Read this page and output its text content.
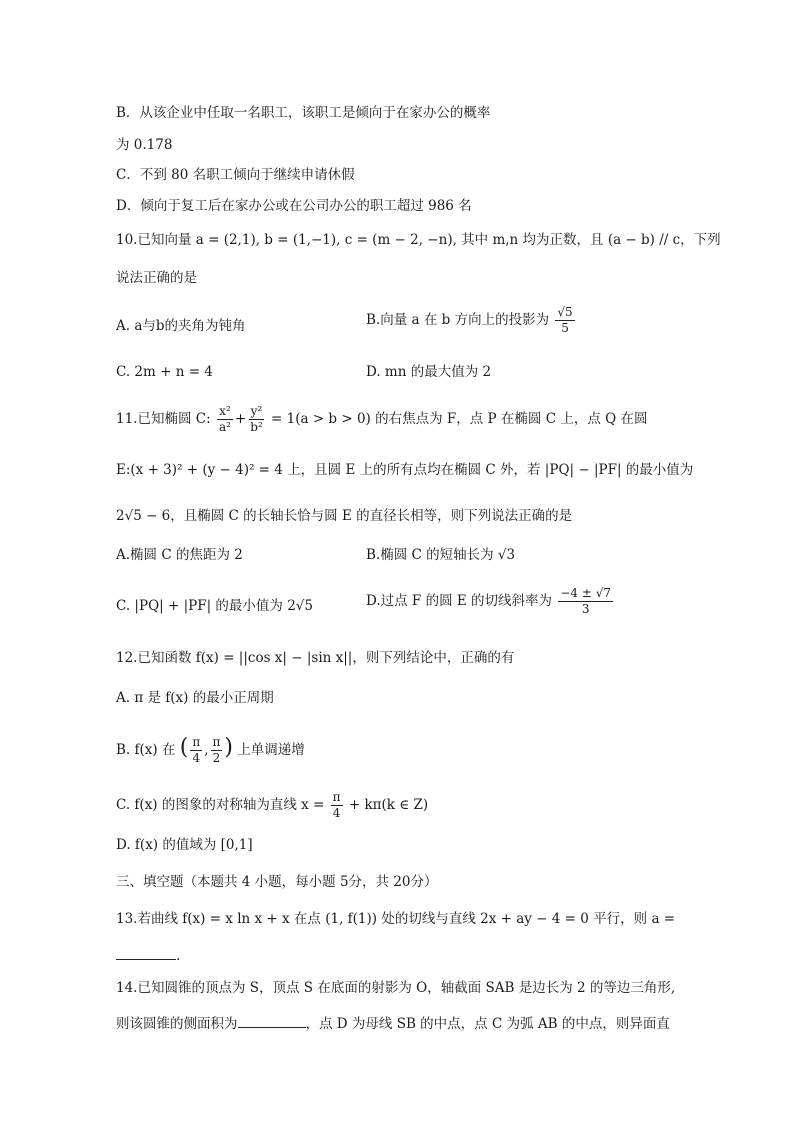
B．从该企业中任取一名职工，该职工是倾向于在家办公的概率
为 0.178
C．不到 80 名职工倾向于继续申请休假
D．倾向于复工后在家办公或在公司办公的职工超过 986 名
10.已知向量 a = (2,1), b = (1,−1), c = (m − 2, −n), 其中 m,n 均为正数，且 (a − b) // c，下列
说法正确的是
A. a与b的夹角为钝角	B.向量 a 在 b 方向上的投影为 $\frac{√5}{5}$
C. 2m + n = 4	D. mn 的最大值为 2
11.已知椭圆 C: $\frac{\text{x²}}{\text{a²}} + \frac{\text{y²}}{\text{b²}} = 1(a > b > 0)$ 的右焦点为 F，点 P 在椭圆 C 上，点 Q 在圆
E:(x + 3)² + (y − 4)² = 4 上，且圆 E 上的所有点均在椭圆 C 外，若 |PQ| − |PF| 的最小值为
2√5 − 6，且椭圆 C 的长轴长恰与圆 E 的直径长相等，则下列说法正确的是
A.椭圆 C 的焦距为 2	B.椭圆 C 的短轴长为 √3
C. |PQ| + |PF| 的最小值为 2√5	D.过点 F 的圆 E 的切线斜率为 $\frac{-4 \pm √7}{3}$
12.已知函数 f(x) = ||cos x| − |sin x||，则下列结论中，正确的有
A. π 是 f(x) 的最小正周期
B. f(x) 在 ( $\frac{\pi}{4}$ , $\frac{\pi}{2}$ ) 上单调递增
C. f(x) 的图象的对称轴为直线 $x = \frac{\pi}{4} + k\pi(k$ ∈ Z)
D. f(x) 的值域为 [0,1]
三、填空题（本题共 4 小题，每小题 5分，共 20分）
13.若曲线 f(x) = x ln x + x 在点 (1, f(1)) 处的切线与直线 2x + ay − 4 = 0 平行，则 a =
.
14.已知圆锥的顶点为 S，顶点 S 在底面的射影为 O，轴截面 SAB 是边长为 2 的等边三角形,
则该圆锥的侧面积为	，点 D 为母线 SB 的中点，点 C 为弧 AB 的中点，则异面直
